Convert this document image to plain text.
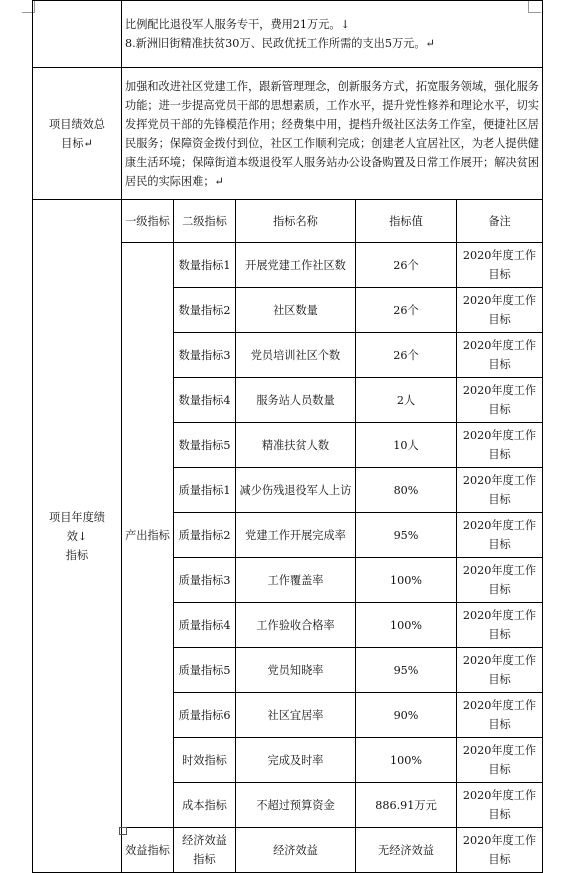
	比例配比退役军人服务专干，费用21万元。↓
8.新洲旧街精准扶贫30万、民政优抚工作所需的支出5万元。↵				

项目绩效总
目标↵	加强和改进社区党建工作，跟新管理理念，创新服务方式，拓宽服务领域，强化服务功能；进一步提高党员干部的思想素质，工作水平，提升党性修养和理论水平，切实发挥党员干部的先锋模范作用；经费集中用，提档升级社区法务工作室，便捷社区居民服务；保障资金拨付到位，社区工作顺利完成；创建老人宜居社区，为老人提供健康生活环境；保障街道本级退役军人服务站办公设备购置及日常工作展开；解决贫困居民的实际困难；↵				

项目年度绩
效↓
指标	一级指标	二级指标	指标名称	指标值	备注
	产出指标	数量指标1	开展党建工作社区数	26个	2020年度工作目标
		数量指标2	社区数量	26个	2020年度工作目标
		数量指标3	党员培训社区个数	26个	2020年度工作目标
		数量指标4	服务站人员数量	2人	2020年度工作目标
		数量指标5	精准扶贫人数	10人	2020年度工作目标
		质量指标1	减少伤残退役军人上访	80%	2020年度工作目标
		质量指标2	党建工作开展完成率	95%	2020年度工作目标
		质量指标3	工作覆盖率	100%	2020年度工作目标
		质量指标4	工作验收合格率	100%	2020年度工作目标
		质量指标5	党员知晓率	95%	2020年度工作目标
		质量指标6	社区宜居率	90%	2020年度工作目标
		时效指标	完成及时率	100%	2020年度工作目标
		成本指标	不超过预算资金	886.91万元	2020年度工作目标
	效益指标	经济效益指标	经济效益	无经济效益	2020年度工作目标
